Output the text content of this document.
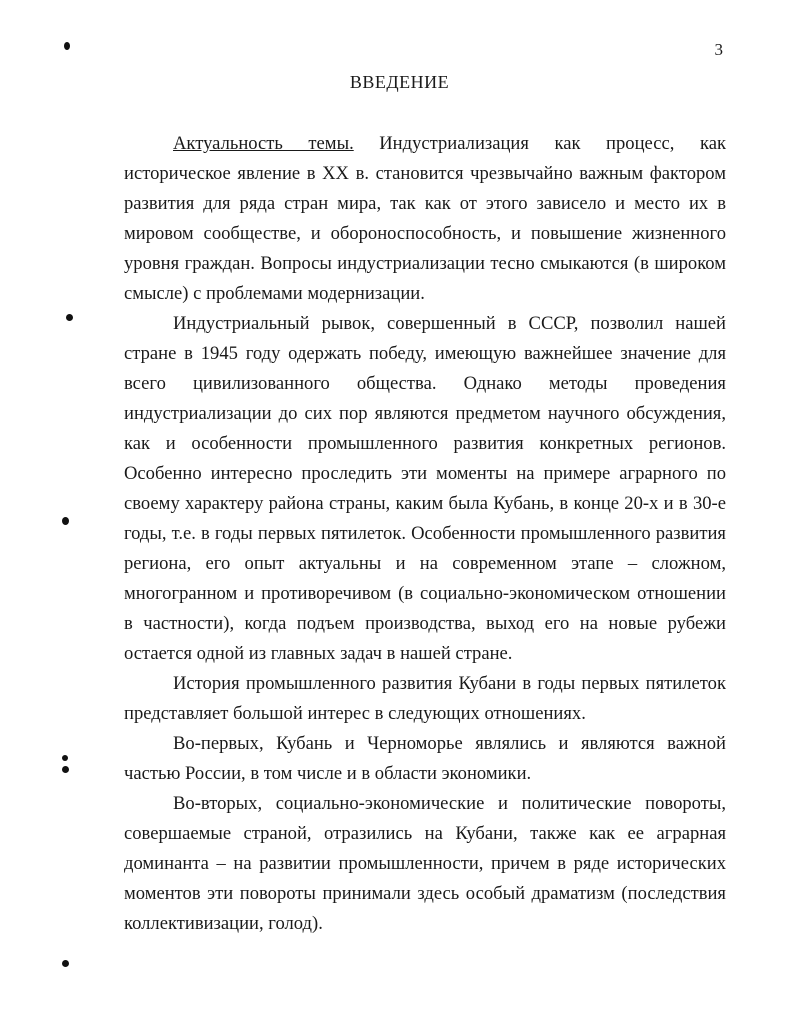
3
ВВЕДЕНИЕ

Актуальность темы. Индустриализация как процесс, как историческое явление в XX в. становится чрезвычайно важным фактором развития для ряда стран мира, так как от этого зависело и место их в мировом сообществе, и обороноспособность, и повышение жизненного уровня граждан. Вопросы индустриализации тесно смыкаются (в широком смысле) с проблемами модернизации.

Индустриальный рывок, совершенный в СССР, позволил нашей стране в 1945 году одержать победу, имеющую важнейшее значение для всего цивилизованного общества. Однако методы проведения индустриализации до сих пор являются предметом научного обсуждения, как и особенности промышленного развития конкретных регионов. Особенно интересно проследить эти моменты на примере аграрного по своему характеру района страны, каким была Кубань, в конце 20-х и в 30-е годы, т.е. в годы первых пятилеток. Особенности промышленного развития региона, его опыт актуальны и на современном этапе – сложном, многогранном и противоречивом (в социально-экономическом отношении в частности), когда подъем производства, выход его на новые рубежи остается одной из главных задач в нашей стране.

История промышленного развития Кубани в годы первых пятилеток представляет большой интерес в следующих отношениях.

Во-первых, Кубань и Черноморье являлись и являются важной частью России, в том числе и в области экономики.

Во-вторых, социально-экономические и политические повороты, совершаемые страной, отразились на Кубани, также как ее аграрная доминанта – на развитии промышленности, причем в ряде исторических моментов эти повороты принимали здесь особый драматизм (последствия коллективизации, голод).
